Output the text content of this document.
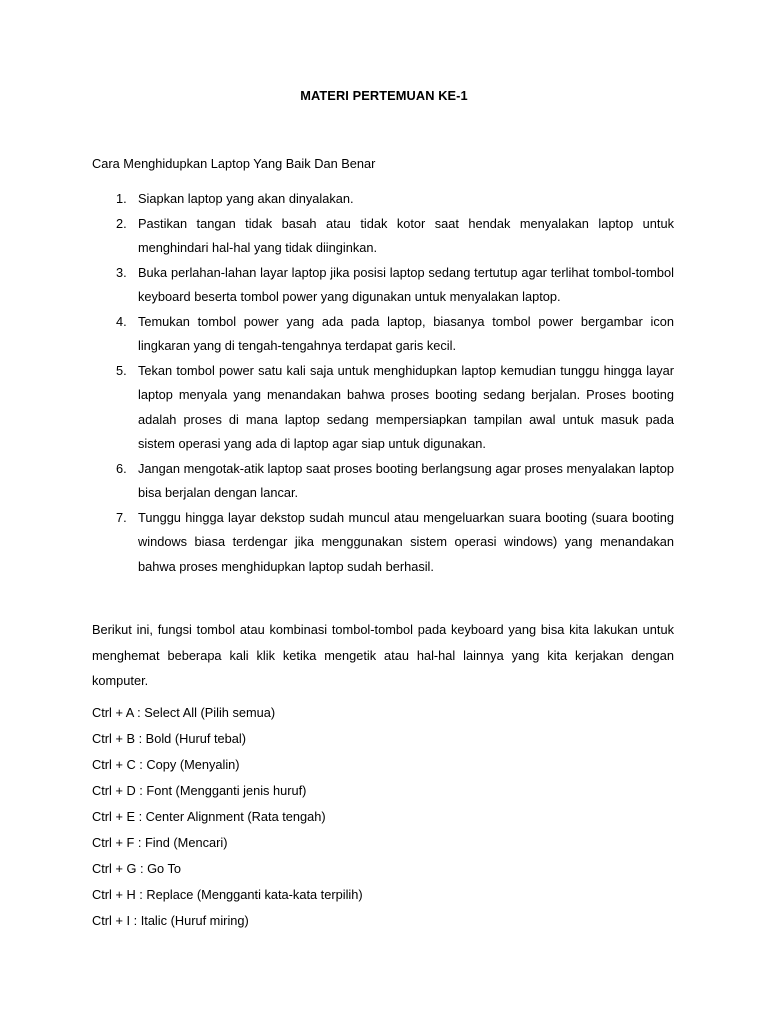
MATERI PERTEMUAN KE-1
Cara Menghidupkan Laptop Yang Baik Dan Benar
1. Siapkan laptop yang akan dinyalakan.
2. Pastikan tangan tidak basah atau tidak kotor saat hendak menyalakan laptop untuk menghindari hal-hal yang tidak diinginkan.
3. Buka perlahan-lahan layar laptop jika posisi laptop sedang tertutup agar terlihat tombol-tombol keyboard beserta tombol power yang digunakan untuk menyalakan laptop.
4. Temukan tombol power yang ada pada laptop, biasanya tombol power bergambar icon lingkaran yang di tengah-tengahnya terdapat garis kecil.
5. Tekan tombol power satu kali saja untuk menghidupkan laptop kemudian tunggu hingga layar laptop menyala yang menandakan bahwa proses booting sedang berjalan. Proses booting adalah proses di mana laptop sedang mempersiapkan tampilan awal untuk masuk pada sistem operasi yang ada di laptop agar siap untuk digunakan.
6. Jangan mengotak-atik laptop saat proses booting berlangsung agar proses menyalakan laptop bisa berjalan dengan lancar.
7. Tunggu hingga layar dekstop sudah muncul atau mengeluarkan suara booting (suara booting windows biasa terdengar jika menggunakan sistem operasi windows) yang menandakan bahwa proses menghidupkan laptop sudah berhasil.

Berikut ini, fungsi tombol atau kombinasi tombol-tombol pada keyboard yang bisa kita lakukan untuk menghemat beberapa kali klik ketika mengetik atau hal-hal lainnya yang kita kerjakan dengan komputer.

Ctrl + A : Select All (Pilih semua)
Ctrl + B : Bold (Huruf tebal)
Ctrl + C : Copy (Menyalin)
Ctrl + D : Font (Mengganti jenis huruf)
Ctrl + E : Center Alignment (Rata tengah)
Ctrl + F : Find (Mencari)
Ctrl + G : Go To
Ctrl + H : Replace (Mengganti kata-kata terpilih)
Ctrl + I : Italic (Huruf miring)
